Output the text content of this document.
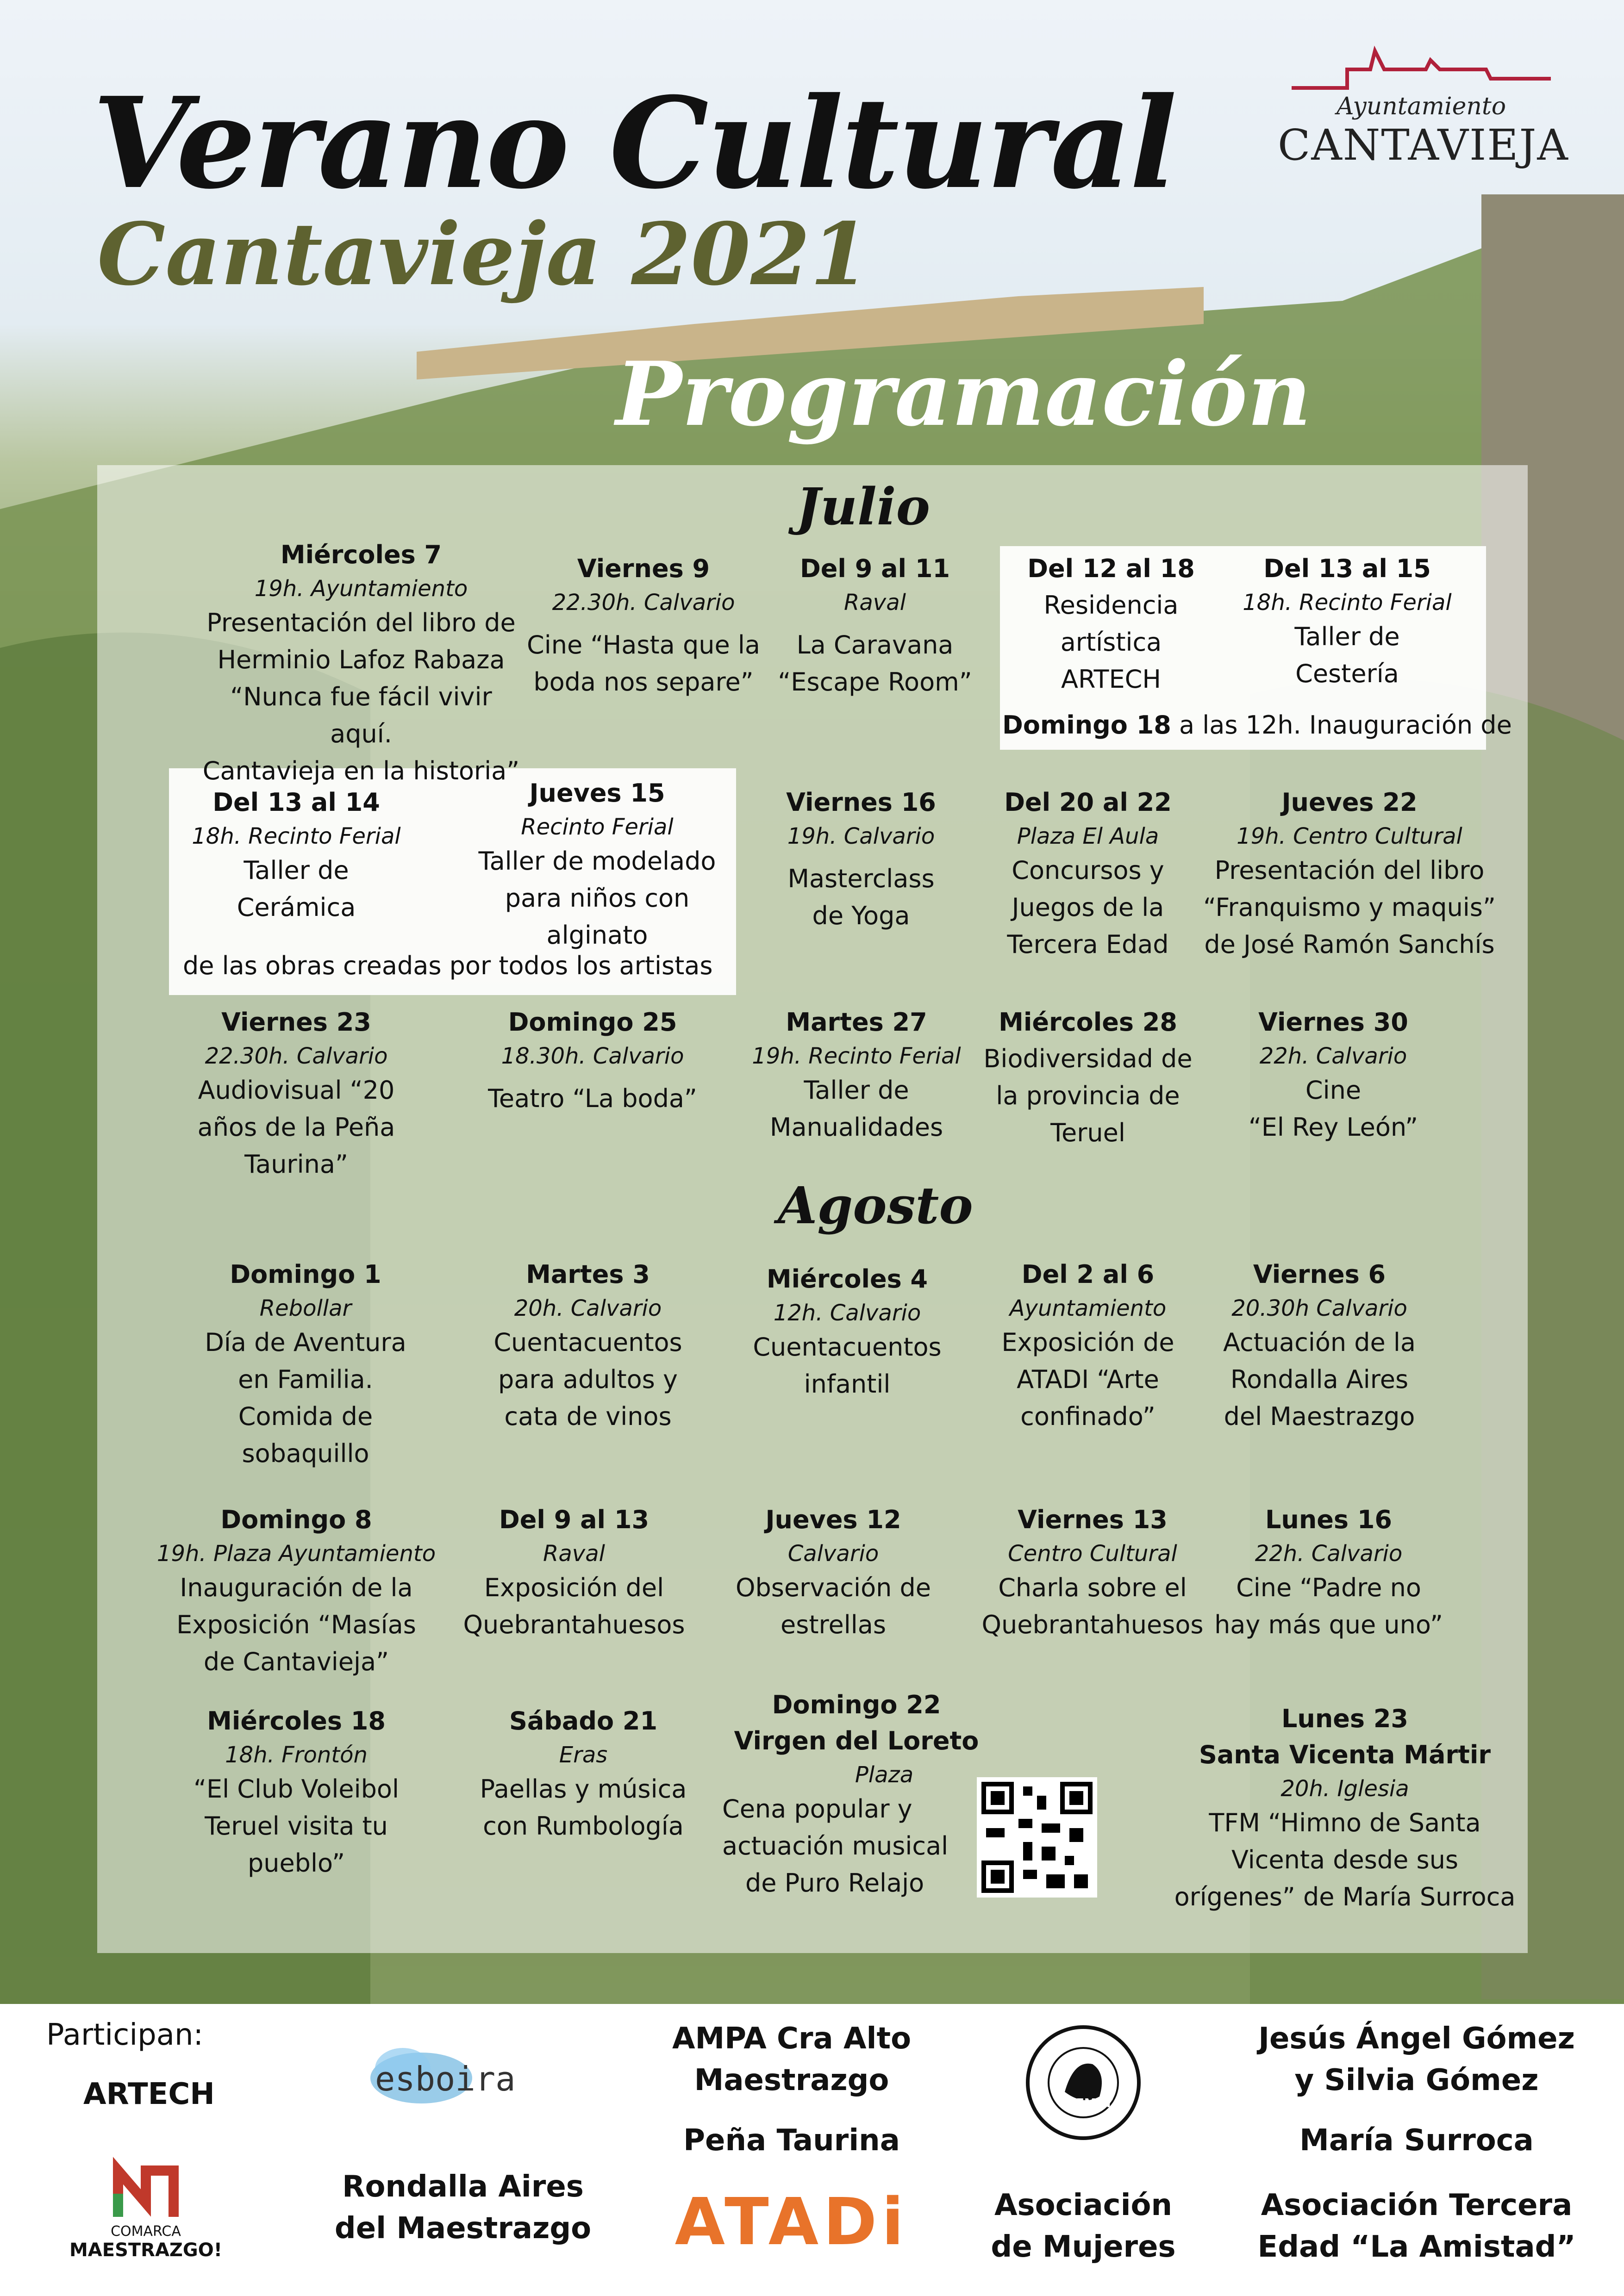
Verano Cultural
Cantavieja 2021
Programación
Ayuntamiento
CANTAVIEJA
Julio
Agosto
Miércoles 7
19h. Ayuntamiento
Presentación del libro de
Herminio Lafoz Rabaza
“Nunca fue fácil vivir aquí.
Cantavieja en la historia”
Viernes 9
22.30h. Calvario
Cine “Hasta que la
boda nos separe”
Del 9 al 11
Raval
La Caravana
“Escape Room”
Del 12 al 18
Residencia
artística
ARTECH
Del 13 al 15
18h. Recinto Ferial
Taller de
Cestería
Domingo 18 a las 12h. Inauguración de
Del 13 al 14
18h. Recinto Ferial
Taller de
Cerámica
Jueves 15
Recinto Ferial
Taller de modelado
para niños con
alginato
de las obras creadas por todos los artistas
Viernes 16
19h. Calvario
Masterclass
de Yoga
Del 20 al 22
Plaza El Aula
Concursos y
Juegos de la
Tercera Edad
Jueves 22
19h. Centro Cultural
Presentación del libro
“Franquismo y maquis”
de José Ramón Sanchís
Viernes 23
22.30h. Calvario
Audiovisual “20
años de la Peña
Taurina”
Domingo 25
18.30h. Calvario
Teatro “La boda”
Martes 27
19h. Recinto Ferial
Taller de
Manualidades
Miércoles 28
Biodiversidad de
la provincia de
Teruel
Viernes 30
22h. Calvario
Cine
“El Rey León”
Domingo 1
Rebollar
Día de Aventura
en Familia.
Comida de
sobaquillo
Martes 3
20h. Calvario
Cuentacuentos
para adultos y
cata de vinos
Miércoles 4
12h. Calvario
Cuentacuentos
infantil
Del 2 al 6
Ayuntamiento
Exposición de
ATADI “Arte
confinado”
Viernes 6
20.30h Calvario
Actuación de la
Rondalla Aires
del Maestrazgo
Domingo 8
19h. Plaza Ayuntamiento
Inauguración de la
Exposición “Masías
de Cantavieja”
Del 9 al 13
Raval
Exposición del
Quebrantahuesos
Jueves 12
Calvario
Observación de
estrellas
Viernes 13
Centro Cultural
Charla sobre el
Quebrantahuesos
Lunes 16
22h. Calvario
Cine “Padre no
hay más que uno”
Miércoles 18
18h. Frontón
“El Club Voleibol
Teruel visita tu
pueblo”
Sábado 21
Eras
Paellas y música
con Rumbología
Domingo 22
Virgen del Loreto
Plaza
Cena popular y
actuación musical
de Puro Relajo
Lunes 23
Santa Vicenta Mártir
20h. Iglesia
TFM “Himno de Santa
Vicenta desde sus
orígenes” de María Surroca
Participan:
ARTECH
COMARCA
MAESTRAZGO!
esboira
Rondalla Aires
del Maestrazgo
AMPA Cra Alto
Maestrazgo
Peña Taurina
ATADi
CEMAT
Asociación
de Mujeres
Jesús Ángel Gómez
y Silvia Gómez
María Surroca
Asociación Tercera
Edad “La Amistad”
